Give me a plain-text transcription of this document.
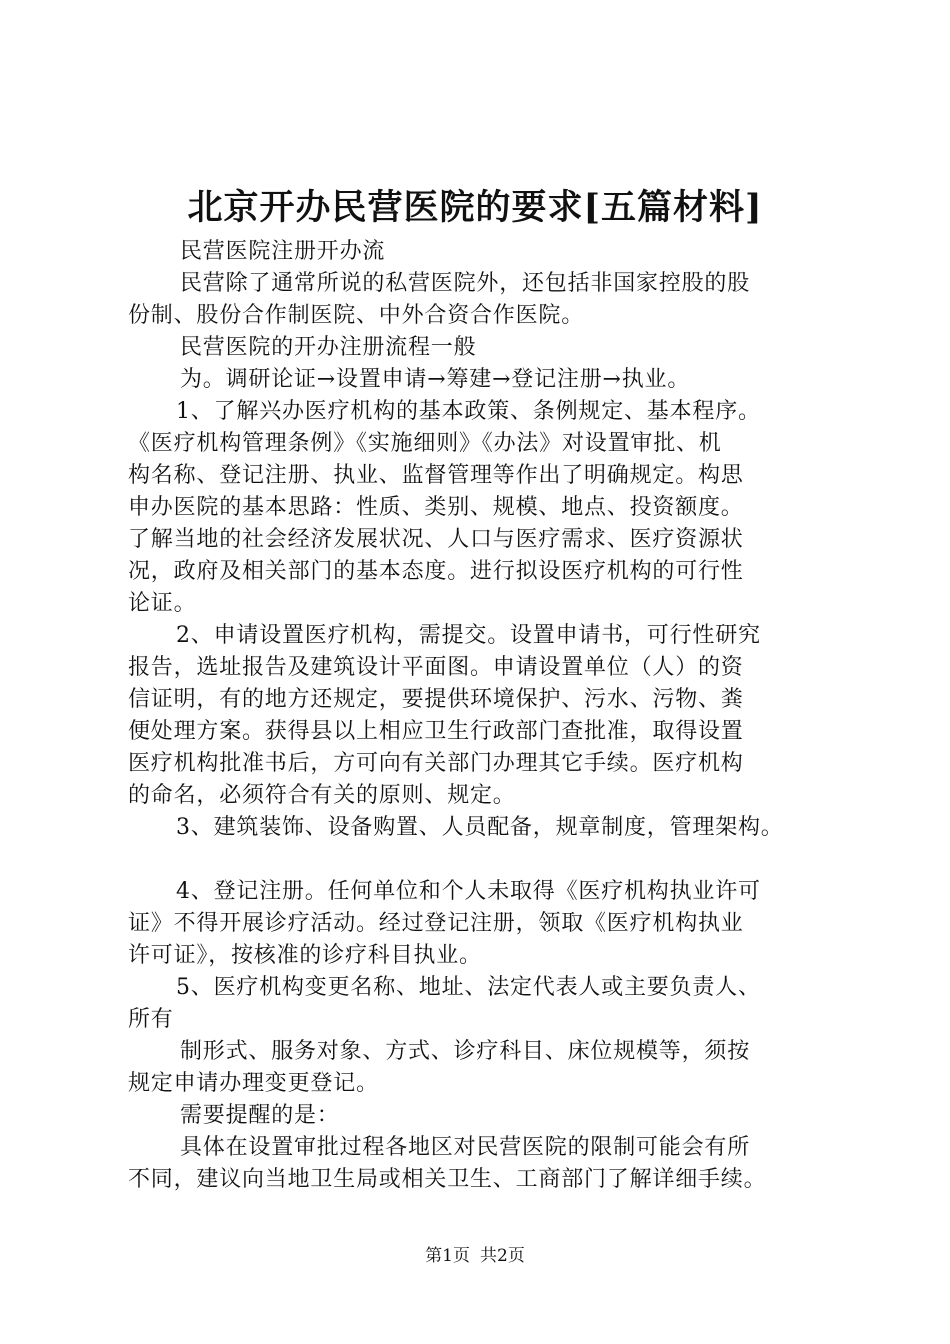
北京开办民营医院的要求[五篇材料]
民营医院注册开办流
民营除了通常所说的私营医院外，还包括非国家控股的股
份制、股份合作制医院、中外合资合作医院。
民营医院的开办注册流程一般
为。调研论证→设置申请→筹建→登记注册→执业。
1、了解兴办医疗机构的基本政策、条例规定、基本程序。
《医疗机构管理条例》《实施细则》《办法》对设置审批、机
构名称、登记注册、执业、监督管理等作出了明确规定。构思
申办医院的基本思路：性质、类别、规模、地点、投资额度。
了解当地的社会经济发展状况、人口与医疗需求、医疗资源状
况，政府及相关部门的基本态度。进行拟设医疗机构的可行性
论证。
2、申请设置医疗机构，需提交。设置申请书，可行性研究
报告，选址报告及建筑设计平面图。申请设置单位（人）的资
信证明，有的地方还规定，要提供环境保护、污水、污物、粪
便处理方案。获得县以上相应卫生行政部门查批准，取得设置
医疗机构批准书后，方可向有关部门办理其它手续。医疗机构
的命名，必须符合有关的原则、规定。
3、建筑装饰、设备购置、人员配备，规章制度，管理架构。
4、登记注册。任何单位和个人未取得《医疗机构执业许可
证》不得开展诊疗活动。经过登记注册，领取《医疗机构执业
许可证》，按核准的诊疗科目执业。
5、医疗机构变更名称、地址、法定代表人或主要负责人、
所有
制形式、服务对象、方式、诊疗科目、床位规模等，须按
规定申请办理变更登记。
需要提醒的是：
具体在设置审批过程各地区对民营医院的限制可能会有所
不同，建议向当地卫生局或相关卫生、工商部门了解详细手续。
第1页 共2页
